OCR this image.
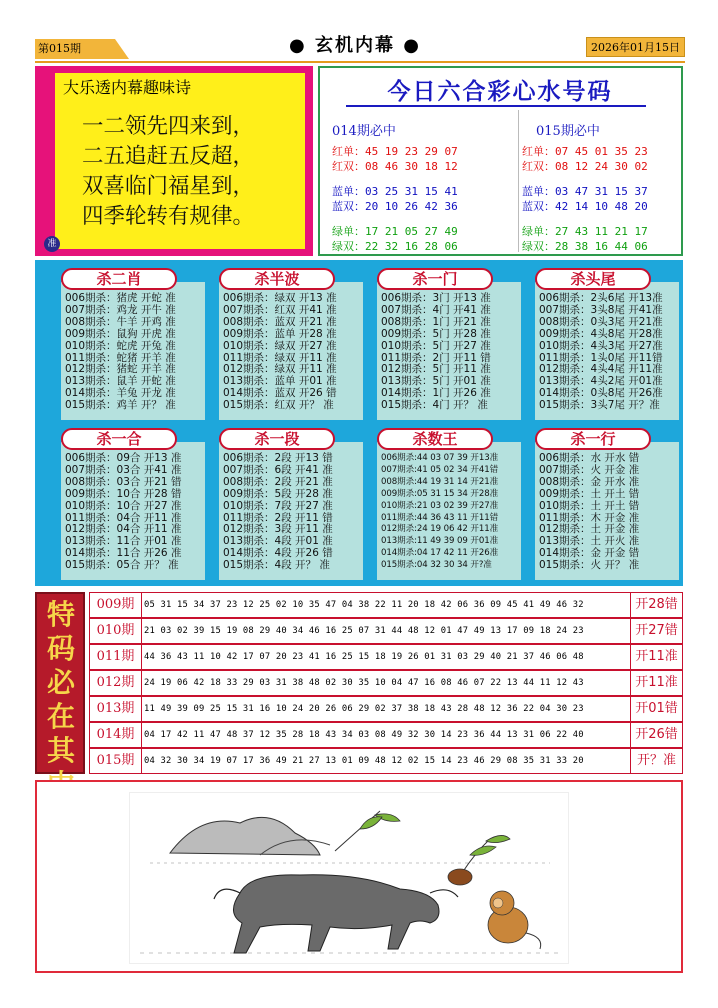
第015期	● 玄机内幕 ●	2026年01月15日
大乐透内幕趣味诗
一二领先四来到，
二五追赶五反超，
双喜临门福星到，
四季轮转有规律。
准
今日六合彩心水号码
014期必中
红单：45 19 23 29 07
红双：08 46 30 18 12
蓝单：03 25 31 15 41
蓝双：20 10 26 42 36
绿单：17 21 05 27 49
绿双：22 32 16 28 06
015期必中
红单：07 45 01 35 23
红双：08 12 24 30 02
蓝单：03 47 31 15 37
蓝双：42 14 10 48 20
绿单：27 43 11 21 17
绿双：28 38 16 44 06
杀二肖
006期杀：猪虎 开蛇 准
007期杀：鸡龙 开牛 准
008期杀：牛羊 开鸡 准
009期杀：鼠狗 开虎 准
010期杀：蛇虎 开兔 准
011期杀：蛇猪 开羊 准
012期杀：猪蛇 开羊 准
013期杀：鼠羊 开蛇 准
014期杀：羊兔 开龙 准
015期杀：鸡羊 开？ 准
杀半波
006期杀：绿双 开13 准
007期杀：红双 开41 准
008期杀：蓝双 开21 准
009期杀：蓝单 开28 准
010期杀：绿双 开27 准
011期杀：绿双 开11 准
012期杀：绿双 开11 准
013期杀：蓝单 开01 准
014期杀：蓝双 开26 错
015期杀：红双 开？ 准
杀一门
006期杀：3门 开13 准
007期杀：4门 开41 准
008期杀：1门 开21 准
009期杀：5门 开28 准
010期杀：5门 开27 准
011期杀：2门 开11 错
012期杀：5门 开11 准
013期杀：5门 开01 准
014期杀：1门 开26 准
015期杀：4门 开？ 准
杀头尾
006期杀：2头6尾 开13准
007期杀：3头8尾 开41准
008期杀：0头3尾 开21准
009期杀：4头8尾 开28准
010期杀：4头3尾 开27准
011期杀：1头0尾 开11错
012期杀：4头4尾 开11准
013期杀：4头2尾 开01准
014期杀：0头8尾 开26准
015期杀：3头7尾 开？准
杀一合
006期杀：09合 开13 准
007期杀：03合 开41 准
008期杀：03合 开21 错
009期杀：10合 开28 错
010期杀：10合 开27 准
011期杀：04合 开11 准
012期杀：04合 开11 准
013期杀：11合 开01 准
014期杀：11合 开26 准
015期杀：05合 开？ 准
杀一段
006期杀：2段 开13 错
007期杀：6段 开41 准
008期杀：2段 开21 准
009期杀：5段 开28 准
010期杀：7段 开27 准
011期杀：2段 开11 错
012期杀：3段 开11 准
013期杀：4段 开01 准
014期杀：4段 开26 错
015期杀：4段 开？ 准
杀数王
006期杀:44 03 07 39 开13准
007期杀:41 05 02 34 开41错
008期杀:44 19 31 14 开21准
009期杀:05 31 15 34 开28准
010期杀:21 03 02 39 开27准
011期杀:44 36 43 11 开11错
012期杀:24 19 06 42 开11准
013期杀:11 49 39 09 开01准
014期杀:04 17 42 11 开26准
015期杀:04 32 30 34 开?准
杀一行
006期杀：水 开水 错
007期杀：火 开金 准
008期杀：金 开水 准
009期杀：土 开土 错
010期杀：土 开土 错
011期杀：木 开金 准
012期杀：土 开金 准
013期杀：土 开火 准
014期杀：金 开金 错
015期杀：火 开？ 准
特
码
必
在
其

009期	05 31 15 34 37 23 12 25 02 10 35 47 04 38 22 11 20 18 42 06 36 09 45 41 49 46 32	开28错
010期	21 03 02 39 15 19 08 29 40 34 46 16 25 07 31 44 48 12 01 47 49 13 17 09 18 24 23	开27错
011期	44 36 43 11 10 42 17 07 20 23 41 16 25 15 18 19 26 01 31 03 29 40 21 37 46 06 48	开11准
012期	24 19 06 42 18 33 29 03 31 38 48 02 30 35 10 04 47 16 08 46 07 22 13 44 11 12 43	开11准
013期	11 49 39 09 25 15 31 16 10 24 20 26 06 29 02 37 38 18 43 28 48 12 36 22 04 30 23	开01错
014期	04 17 42 11 47 48 37 12 35 28 18 43 34 03 08 49 32 30 14 23 36 44 13 31 06 22 40	开26错
015期	04 32 30 34 19 07 17 36 49 21 27 13 01 09 48 12 02 15 14 23 46 29 08 35 31 33 20	开？准
